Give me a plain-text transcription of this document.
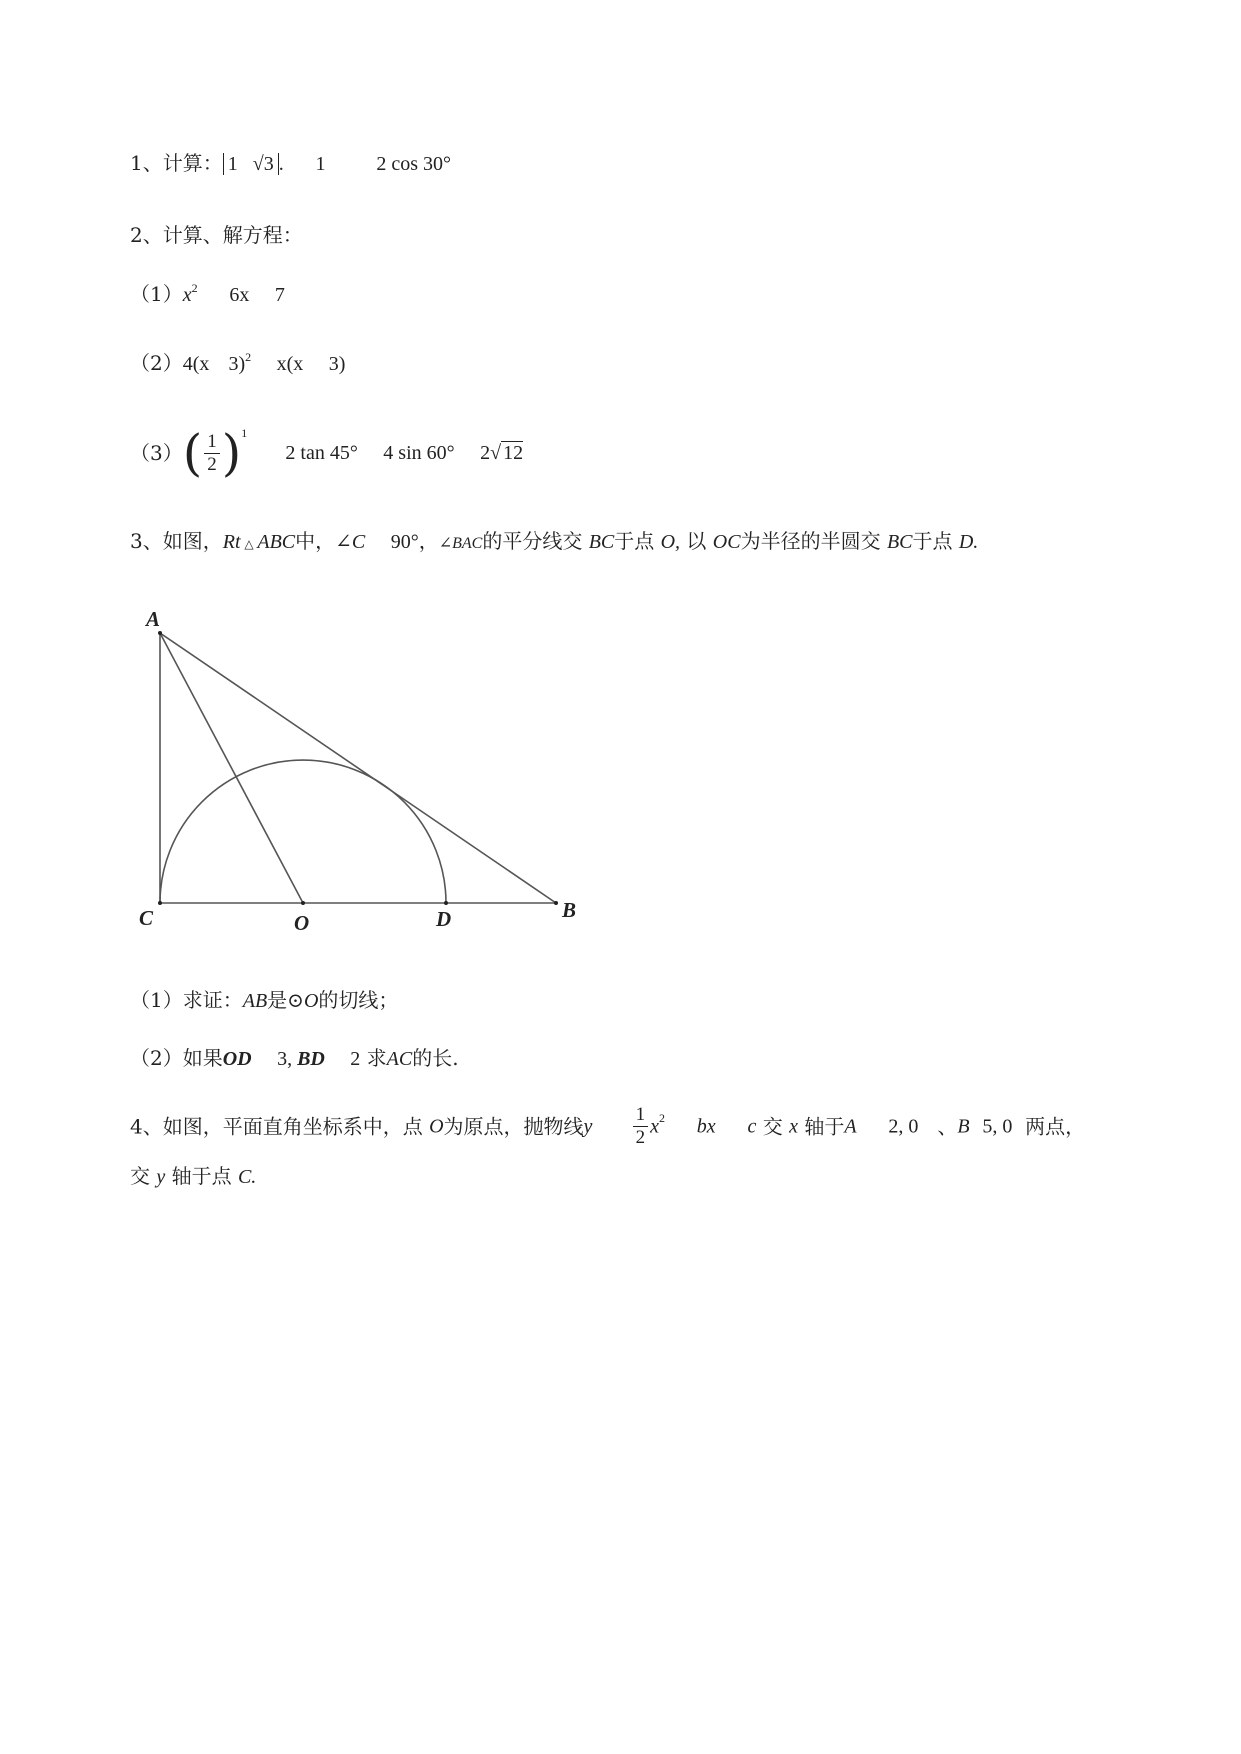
1、计算： 1 √3 . 1	2 cos 30°
2、计算、解方程：
$(1)x^2$ 6x 7
（2）4(x 3)$^2$ x(x 3)
$(3)( \frac{1}{2} )^1$      2 tan 45° 4 sin 60° 2√ 12
3、如图，Rt △ ABC中，∠C 90°，∠BAC的平分线交 BC于点 O, 以 OC为半径的半圆交 BC于点 D.
A
C	O	D	B
（1）求证：AB是⊙O的切线；
（2）如果OD 3, BD 2 求AC的长.
4、如图，平面直角坐标系中，点 O为原点，抛物线y $\frac{1}{2} x^2$ bx c 交 x 轴于A 2, 0 、B 5, 0 两点，
交 y 轴于点 C.
